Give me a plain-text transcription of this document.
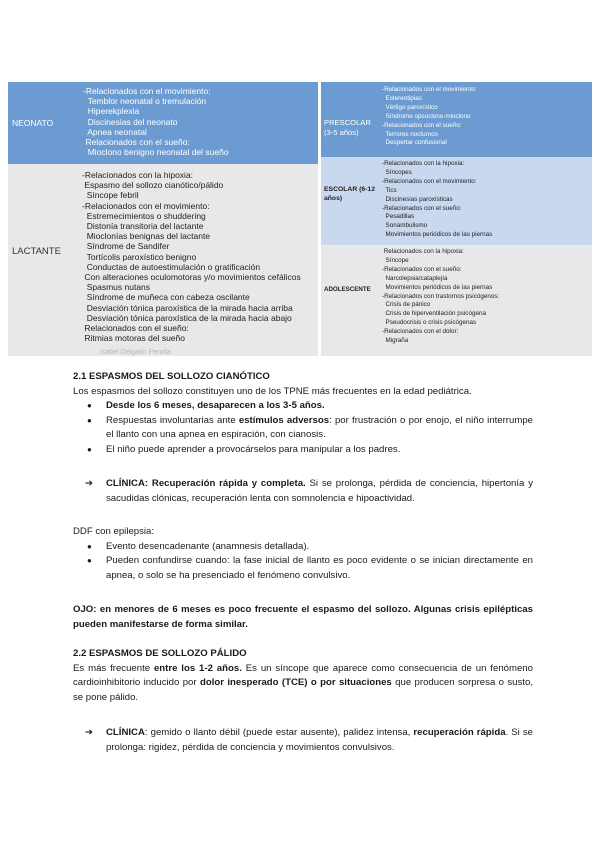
NEONATO
-Relacionados con el movimiento:
Temblor neonatal o tremulación
Hiperekplexia
Discinesias del neonato
Apnea neonatal
Relacionados con el sueño:
Mioclono benigno neonatal del sueño
LACTANTE
-Relacionados con la hipoxia:
Espasmo del sollozo cianótico/pálido
Síncope febril
-Relacionados con el movimiento:
Estremecimientos o shuddering
Distonía transitoria del lactante
Mioclonías benignas del lactante
Síndrome de Sandifer
Tortícolis paroxístico benigno
Conductas de autoestimulación o gratificación
Con alteraciones oculomotoras y/o movimientos cefálicos
Spasmus nutans
Síndrome de muñeca con cabeza oscilante
Desviación tónica paroxística de la mirada hacia arriba
Desviación tónica paroxística de la mirada hacia abajo
Relacionados con el sueño:
Ritmias motoras del sueño
PRESCOLAR (3-5 años)
-Relacionados con el movimiento:
Estereotipias
Vértigo paroxístico
Síndrome opsoclono-mioclono
-Relacionados con el sueño:
Terrores nocturnos
Despertar confusional
ESCOLAR (6-12 años)
-Relacionados con la hipoxia:
Síncopes
-Relacionados con el movimiento:
Tics
Discinesias paroxísticas
-Relacionados con el sueño:
Pesadillas
Sonambulismo
Movimientos periódicos de las piernas
ADOLESCENTE
Relacionados con la hipoxia:
Síncope
-Relacionados con el sueño:
Narcolepsia/cataplejía
Movimientos periódicos de las piernas
-Relacionados con trastornos psicógenos:
Crisis de pánico
Crisis de hiperventilación psicógena
Pseudocrisis o crisis psicógenas
-Relacionados con el dolor:
Migraña
Isabel Delgado Peralta
2.1 ESPASMOS DEL SOLLOZO CIANÓTICO

Los espasmos del sollozo constituyen uno de los TPNE más frecuentes en la edad pediátrica.

● Desde los 6 meses, desaparecen a los 3-5 años.
● Respuestas involuntarias ante estímulos adversos: por frustración o por enojo, el niño interrumpe el llanto con una apnea en espiración, con cianosis.
● El niño puede aprender a provocárselos para manipular a los padres.
➔ CLÍNICA: Recuperación rápida y completa. Si se prolonga, pérdida de conciencia, hipertonía y sacudidas clónicas, recuperación lenta con somnolencia e hipoactividad.

DDF con epilepsia:

● Evento desencadenante (anamnesis detallada).
● Pueden confundirse cuando: la fase inicial de llanto es poco evidente o se inician directamente en apnea, o solo se ha presenciado el fenómeno convulsivo.
OJO: en menores de 6 meses es poco frecuente el espasmo del sollozo. Algunas crisis epilépticas pueden manifestarse de forma similar.
2.2 ESPASMOS DE SOLLOZO PÁLIDO

Es más frecuente entre los 1-2 años. Es un síncope que aparece como consecuencia de un fenómeno cardioinhibitorio inducido por dolor inesperado (TCE) o por situaciones que producen sorpresa o susto, se pone pálido.

➔ CLÍNICA: gemido o llanto débil (puede estar ausente), palidez intensa, recuperación rápida. Si se prolonga: rigidez, pérdida de conciencia y movimientos convulsivos.
